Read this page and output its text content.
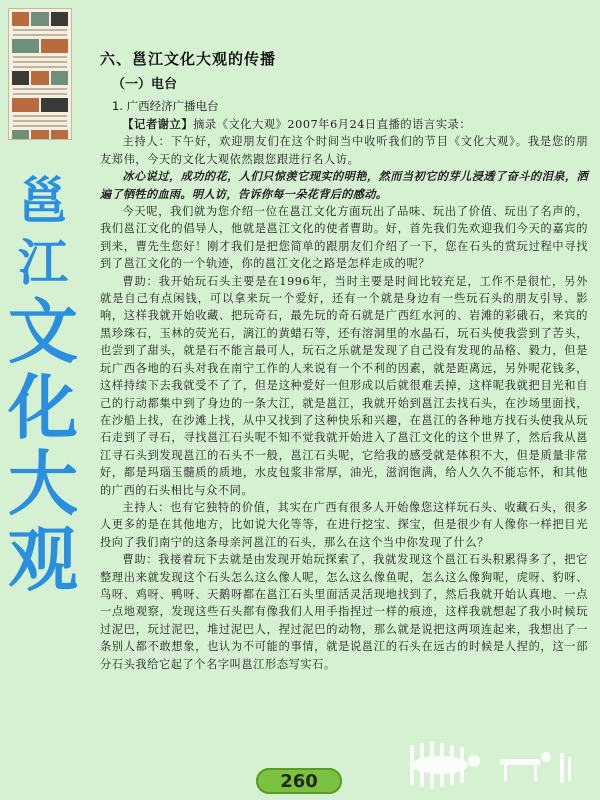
邕
江
文
化
大
观
六、邕江文化大观的传播
（一）电台
1. 广西经济广播电台

【记者谢立】摘录《文化大观》2007年6月24日直播的语言实录：

主持人：下午好，欢迎朋友们在这个时间当中收听我们的节目《文化大观》。我是您的朋友郑伟，今天的文化大观依然跟您跟进行名人访。

冰心说过，成功的花，人们只惊羡它现实的明艳，然而当初它的芽儿浸透了奋斗的泪泉，洒遍了牺牲的血雨。明人访，告诉你每一朵花背后的感动。

今天呢，我们就为您介绍一位在邕江文化方面玩出了品味、玩出了价值、玩出了名声的，我们邕江文化的倡导人，他就是邕江文化的使者曹助。好，首先我们先欢迎我们今天的嘉宾的到来，曹先生您好！刚才我们是把您简单的跟朋友们介绍了一下，您在石头的赏玩过程中寻找到了邕江文化的一个轨迹，你的邕江文化之路是怎样走成的呢？

曹助：我开始玩石头主要是在1996年，当时主要是时间比较充足，工作不是很忙，另外就是自己有点闲钱，可以拿来玩一个爱好，还有一个就是身边有一些玩石头的朋友引导、影响，这样我就开始收藏、把玩奇石，最先玩的奇石就是广西红水河的、岩滩的彩硪石，来宾的黑珍珠石，玉林的荧光石，漓江的黄蜡石等，还有溶洞里的水晶石，玩石头使我尝到了苦头，也尝到了甜头，就是石不能言最可人，玩石之乐就是发现了自己没有发现的品格、毅力，但是玩广西各地的石头对我在南宁工作的人来说有一个不利的因素，就是距离远，另外呢花钱多，这样持续下去我就受不了了，但是这种爱好一但形成以后就很难丢掉，这样呢我就把目光和自己的行动都集中到了身边的一条大江，就是邕江，我就开始到邕江去找石头，在沙场里面找，在沙船上找，在沙滩上找，从中又找到了这种快乐和兴趣，在邕江的各种地方找石头使我从玩石走到了寻石，寻找邕江石头呢不知不觉我就开始进入了邕江文化的这个世界了，然后我从邕江寻石头到发现邕江的石头不一般，邕江石头呢，它给我的感受就是体积不大，但是质量非常好，都是玛瑙玉髓质的质地，水皮包浆非常厚，油光，滋润饱满，给人久久不能忘怀，和其他的广西的石头相比与众不同。

主持人：也有它独特的价值，其实在广西有很多人开始像您这样玩石头、收藏石头，很多人更多的是在其他地方，比如说大化等等，在进行挖宝、探宝，但是很少有人像你一样把目光投向了我们南宁的这条母亲河邕江的石头，那么在这个当中你发现了什么？

曹助：我接着玩下去就是由发现开始玩探索了，我就发现这个邕江石头积累得多了，把它整理出来就发现这个石头怎么这么像人呢，怎么这么像鱼呢，怎么这么像狗呢，虎呀、豹呀、鸟呀、鸡呀、鸭呀、天鹅呀都在邕江石头里面活灵活现地找到了，然后我就开始认真地、一点一点地观察，发现这些石头都有像我们人用手指捏过一样的痕迹，这样我就想起了我小时候玩过泥巴，玩过泥巴，堆过泥巴人，捏过泥巴的动物，那么就是说把这两项连起来，我想出了一条别人都不敢想象，也认为不可能的事情，就是说邕江的石头在远古的时候是人捏的，这一部分石头我给它起了个名字叫邕江形态写实石。

260
